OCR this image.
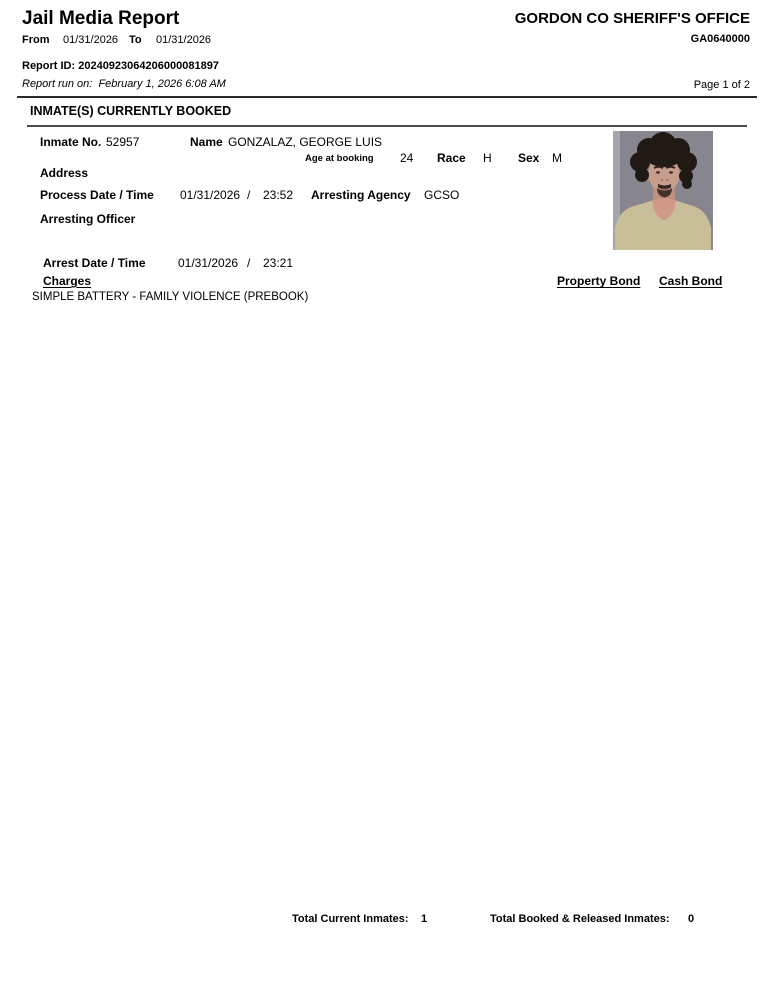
Jail Media Report	GORDON CO SHERIFF'S OFFICE
GA0640000
From 01/31/2026 To 01/31/2026
Report ID: 20240923064206000081897
Report run on: February 1, 2026 6:08 AM	Page 1 of 2
INMATE(S) CURRENTLY BOOKED
Inmate No. 52957	Name GONZALAZ, GEORGE LUIS
Age at booking 24 Race H Sex M
Address
Process Date / Time 01/31/2026 / 23:52 Arresting Agency GCSO
Arresting Officer
Arrest Date / Time	01/31/2026 / 23:21
Charges	Property Bond Cash Bond
SIMPLE BATTERY - FAMILY VIOLENCE (PREBOOK)
Total Current Inmates: 1	Total Booked & Released Inmates: 0
